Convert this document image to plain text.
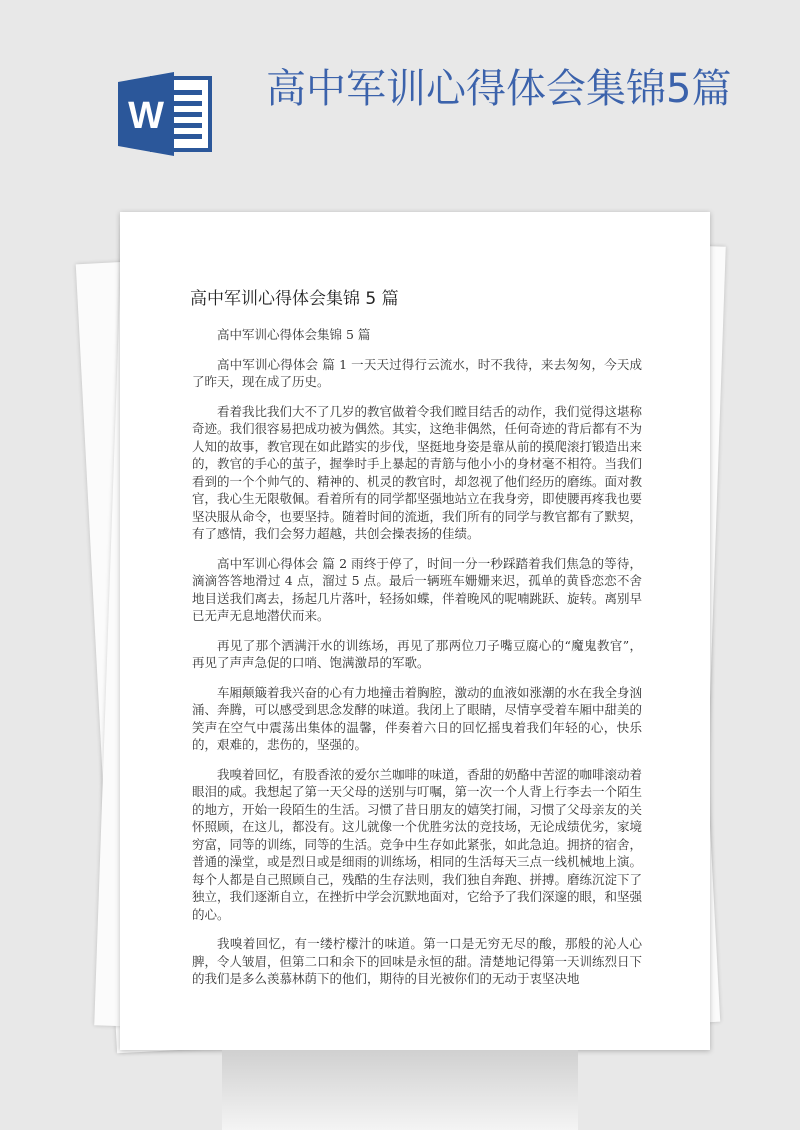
W
高中军训心得体会集锦5篇
高中军训心得体会集锦 5 篇

高中军训心得体会集锦 5 篇

高中军训心得体会 篇 1 一天天过得行云流水，时不我待，来去匆匆，今天成了昨天，现在成了历史。

看着我比我们大不了几岁的教官做着令我们瞠目结舌的动作，我们觉得这堪称奇迹。我们很容易把成功被为偶然。其实，这绝非偶然，任何奇迹的背后都有不为人知的故事，教官现在如此踏实的步伐，坚挺地身姿是靠从前的摸爬滚打锻造出来的，教官的手心的茧子，握拳时手上暴起的青筋与他小小的身材毫不相符。当我们看到的一个个帅气的、精神的、机灵的教官时，却忽视了他们经历的磨练。面对教官，我心生无限敬佩。看着所有的同学都坚强地站立在我身旁，即使腰再疼我也要坚决服从命令，也要坚持。随着时间的流逝，我们所有的同学与教官都有了默契，有了感情，我们会努力超越，共创会操表扬的佳绩。

高中军训心得体会 篇 2 雨终于停了，时间一分一秒踩踏着我们焦急的等待，滴滴答答地滑过 4 点，溜过 5 点。最后一辆班车姗姗来迟，孤单的黄昏恋恋不舍地目送我们离去，扬起几片落叶，轻扬如蝶，伴着晚风的呢喃跳跃、旋转。离别早已无声无息地潜伏而来。

再见了那个洒满汗水的训练场，再见了那两位刀子嘴豆腐心的“魔鬼教官”，再见了声声急促的口哨、饱满激昂的军歌。

车厢颠簸着我兴奋的心有力地撞击着胸腔，激动的血液如涨潮的水在我全身汹涌、奔腾，可以感受到思念发酵的味道。我闭上了眼睛，尽情享受着车厢中甜美的笑声在空气中震荡出集体的温馨，伴奏着六日的回忆摇曳着我们年轻的心，快乐的，艰难的，悲伤的，坚强的。

我嗅着回忆，有股香浓的爱尔兰咖啡的味道，香甜的奶酪中苦涩的咖啡滚动着眼泪的咸。我想起了第一天父母的送别与叮嘱，第一次一个人背上行李去一个陌生的地方，开始一段陌生的生活。习惯了昔日朋友的嬉笑打闹，习惯了父母亲友的关怀照顾，在这儿，都没有。这儿就像一个优胜劣汰的竞技场，无论成绩优劣，家境穷富，同等的训练，同等的生活。竞争中生存如此紧张，如此急迫。拥挤的宿舍，普通的澡堂，或是烈日或是细雨的训练场，相同的生活每天三点一线机械地上演。每个人都是自己照顾自己，残酷的生存法则，我们独自奔跑、拼搏。磨练沉淀下了独立，我们逐渐自立，在挫折中学会沉默地面对，它给予了我们深邃的眼，和坚强的心。

我嗅着回忆，有一缕柠檬汁的味道。第一口是无穷无尽的酸，那般的沁人心脾，令人皱眉，但第二口和余下的回味是永恒的甜。清楚地记得第一天训练烈日下的我们是多么羡慕林荫下的他们，期待的目光被你们的无动于衷坚决地
